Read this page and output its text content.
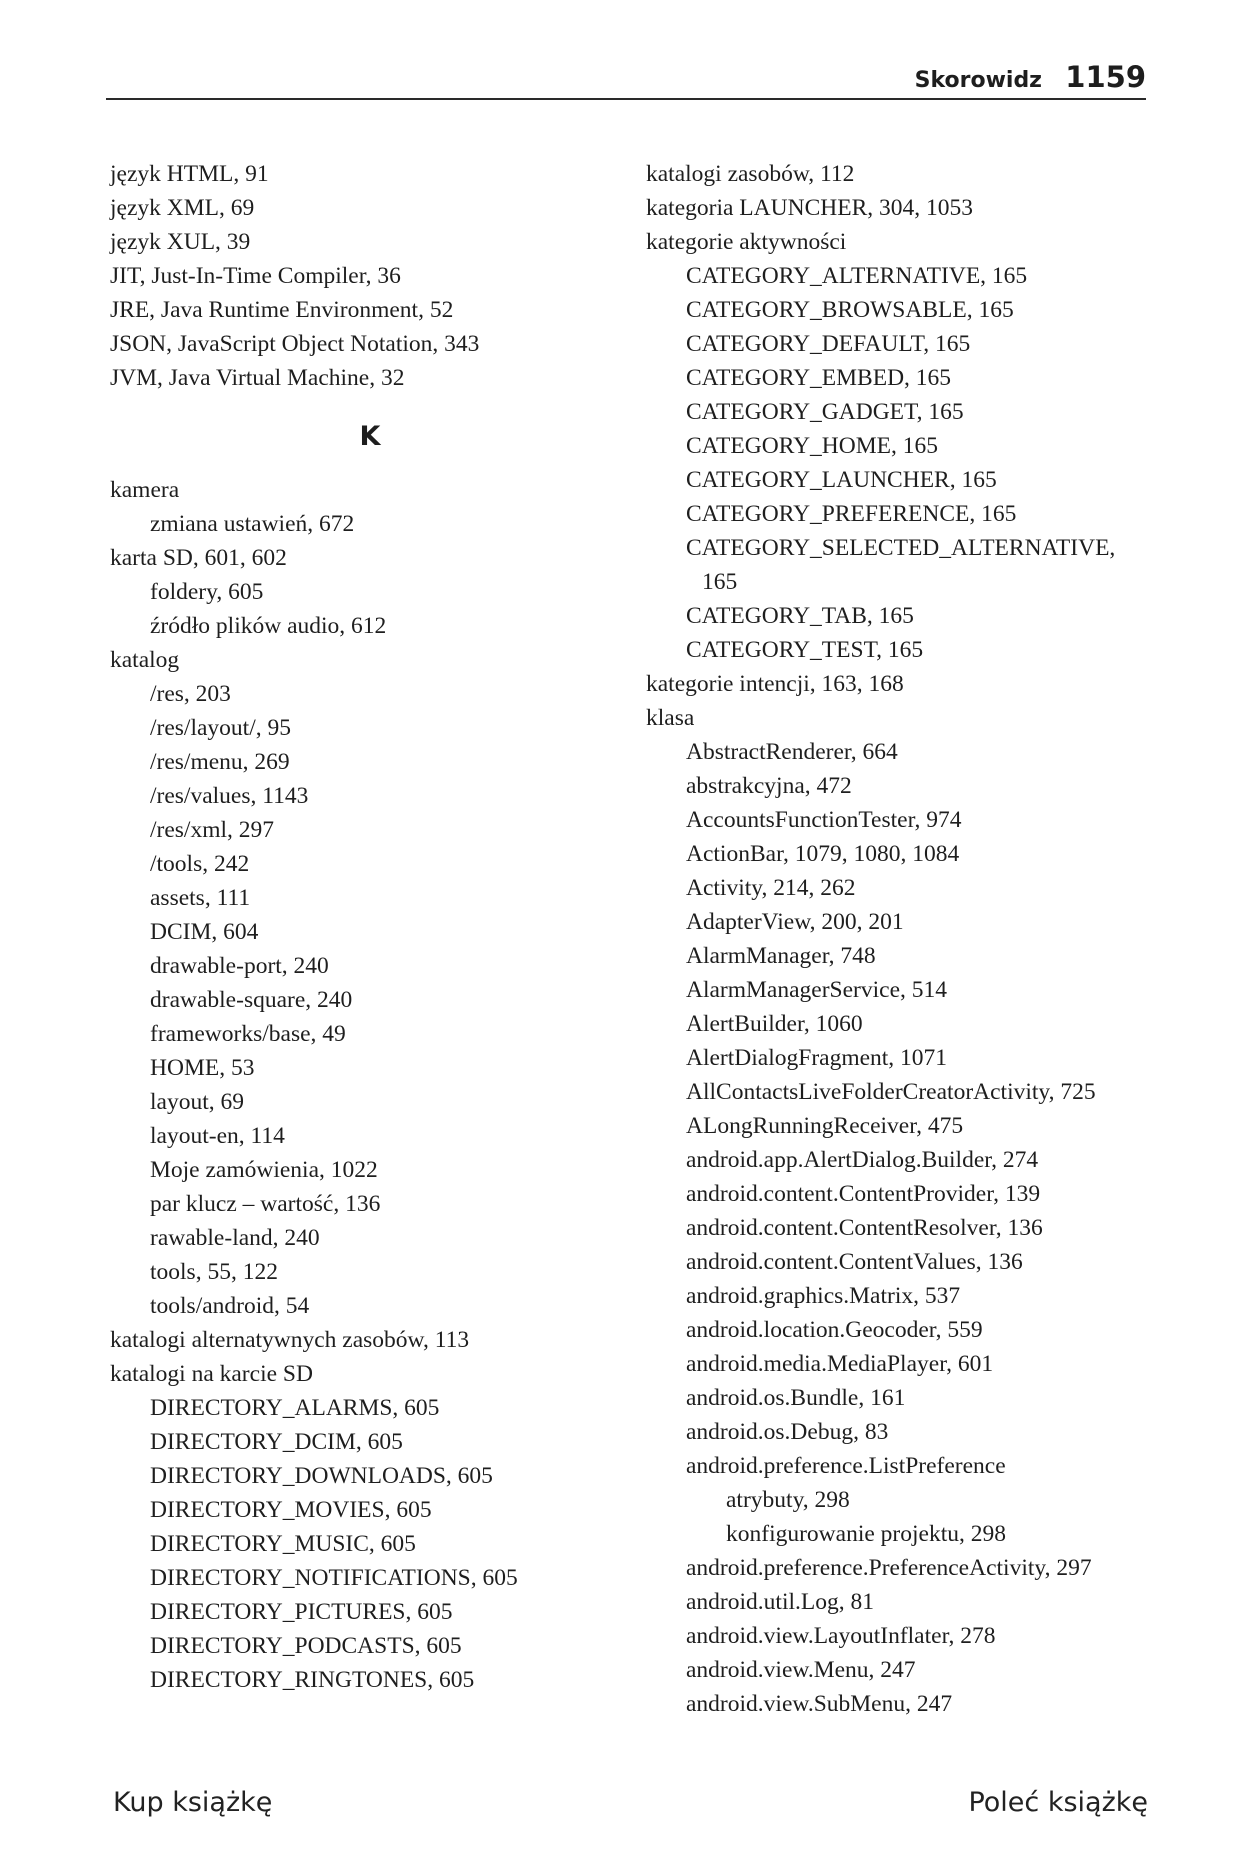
Skorowidz 1159
język HTML, 91
język XML, 69
język XUL, 39
JIT, Just-In-Time Compiler, 36
JRE, Java Runtime Environment, 52
JSON, JavaScript Object Notation, 343
JVM, Java Virtual Machine, 32
K
kamera
zmiana ustawień, 672
karta SD, 601, 602
foldery, 605
źródło plików audio, 612
katalog
/res, 203
/res/layout/, 95
/res/menu, 269
/res/values, 1143
/res/xml, 297
/tools, 242
assets, 111
DCIM, 604
drawable-port, 240
drawable-square, 240
frameworks/base, 49
HOME, 53
layout, 69
layout-en, 114
Moje zamówienia, 1022
par klucz – wartość, 136
rawable-land, 240
tools, 55, 122
tools/android, 54
katalogi alternatywnych zasobów, 113
katalogi na karcie SD
DIRECTORY_ALARMS, 605
DIRECTORY_DCIM, 605
DIRECTORY_DOWNLOADS, 605
DIRECTORY_MOVIES, 605
DIRECTORY_MUSIC, 605
DIRECTORY_NOTIFICATIONS, 605
DIRECTORY_PICTURES, 605
DIRECTORY_PODCASTS, 605
DIRECTORY_RINGTONES, 605
katalogi zasobów, 112
kategoria LAUNCHER, 304, 1053
kategorie aktywności
CATEGORY_ALTERNATIVE, 165
CATEGORY_BROWSABLE, 165
CATEGORY_DEFAULT, 165
CATEGORY_EMBED, 165
CATEGORY_GADGET, 165
CATEGORY_HOME, 165
CATEGORY_LAUNCHER, 165
CATEGORY_PREFERENCE, 165
CATEGORY_SELECTED_ALTERNATIVE,
165
CATEGORY_TAB, 165
CATEGORY_TEST, 165
kategorie intencji, 163, 168
klasa
AbstractRenderer, 664
abstrakcyjna, 472
AccountsFunctionTester, 974
ActionBar, 1079, 1080, 1084
Activity, 214, 262
AdapterView, 200, 201
AlarmManager, 748
AlarmManagerService, 514
AlertBuilder, 1060
AlertDialogFragment, 1071
AllContactsLiveFolderCreatorActivity, 725
ALongRunningReceiver, 475
android.app.AlertDialog.Builder, 274
android.content.ContentProvider, 139
android.content.ContentResolver, 136
android.content.ContentValues, 136
android.graphics.Matrix, 537
android.location.Geocoder, 559
android.media.MediaPlayer, 601
android.os.Bundle, 161
android.os.Debug, 83
android.preference.ListPreference
atrybuty, 298
konfigurowanie projektu, 298
android.preference.PreferenceActivity, 297
android.util.Log, 81
android.view.LayoutInflater, 278
android.view.Menu, 247
android.view.SubMenu, 247
Kup książkę	Poleć książkę
